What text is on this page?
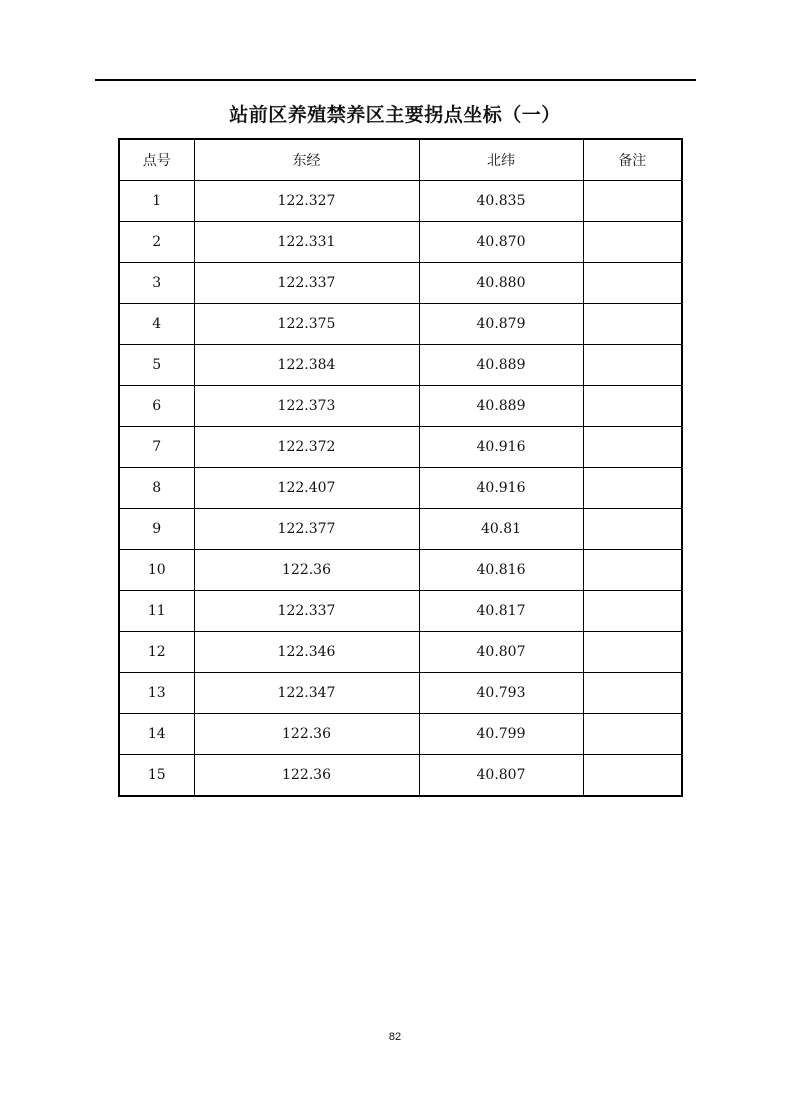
站前区养殖禁养区主要拐点坐标（一）
点号	东经	北纬	备注
1	122.327	40.835	
2	122.331	40.870	
3	122.337	40.880	
4	122.375	40.879	
5	122.384	40.889	
6	122.373	40.889	
7	122.372	40.916	
8	122.407	40.916	
9	122.377	40.81	
10	122.36	40.816	
11	122.337	40.817	
12	122.346	40.807	
13	122.347	40.793	
14	122.36	40.799	
15	122.36	40.807	
82
